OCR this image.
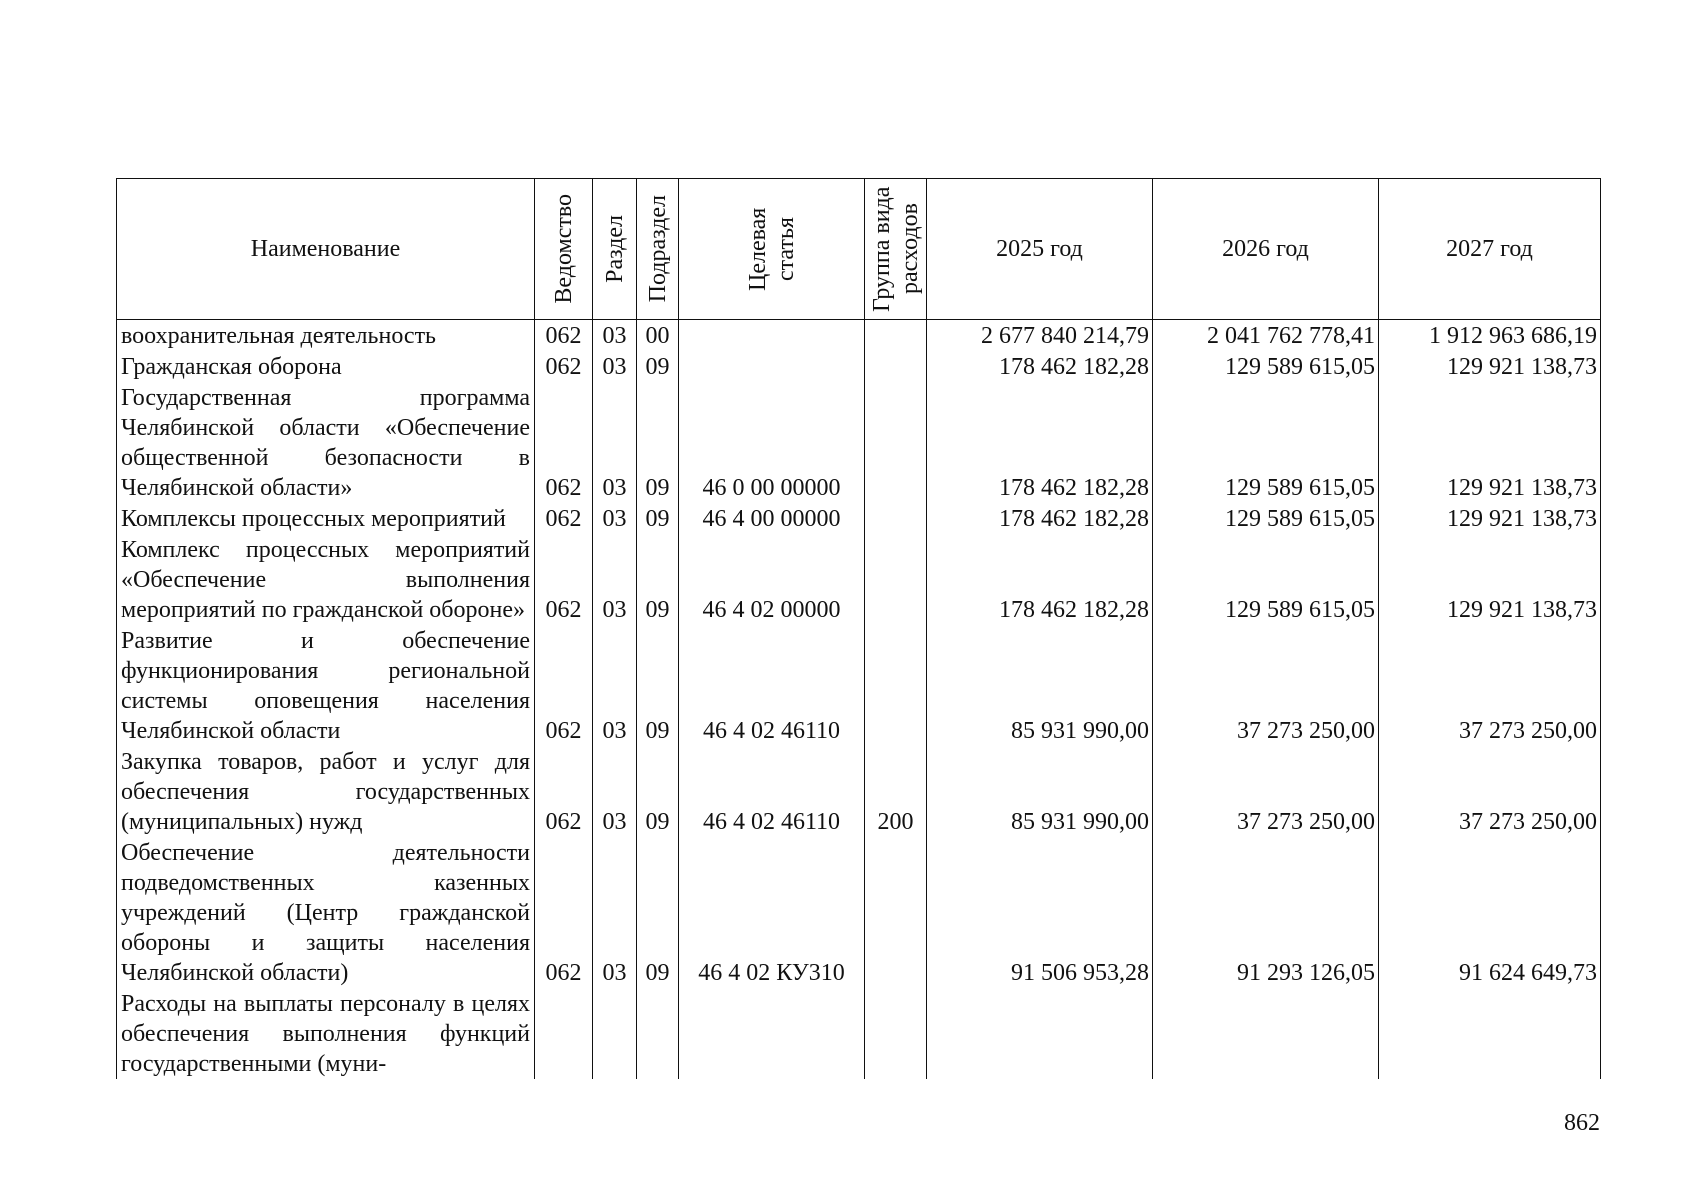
Наименование	Ведомство	Раздел	Подраздел	Целевая статья	Группа вида расходов	2025 год	2026 год	2027 год
воохранительная деятельность	062	03	00			2 677 840 214,79	2 041 762 778,41	1 912 963 686,19
Гражданская оборона	062	03	09			178 462 182,28	129 589 615,05	129 921 138,73
Государственная программа Челябинской области «Обеспечение общественной безопасности в Челябинской области»	062	03	09	46 0 00 00000		178 462 182,28	129 589 615,05	129 921 138,73
Комплексы процессных мероприятий	062	03	09	46 4 00 00000		178 462 182,28	129 589 615,05	129 921 138,73
Комплекс процессных мероприятий «Обеспечение выполнения мероприятий по гражданской обороне»	062	03	09	46 4 02 00000		178 462 182,28	129 589 615,05	129 921 138,73
Развитие и обеспечение функционирования региональной системы оповещения населения Челябинской области	062	03	09	46 4 02 46110		85 931 990,00	37 273 250,00	37 273 250,00
Закупка товаров, работ и услуг для обеспечения государственных (муниципальных) нужд	062	03	09	46 4 02 46110	200	85 931 990,00	37 273 250,00	37 273 250,00
Обеспечение деятельности подведомственных казенных учреждений (Центр гражданской обороны и защиты населения Челябинской области)	062	03	09	46 4 02 КУ310		91 506 953,28	91 293 126,05	91 624 649,73
Расходы на выплаты персоналу в целях обеспечения выполнения функций государственными (муни-								
862
